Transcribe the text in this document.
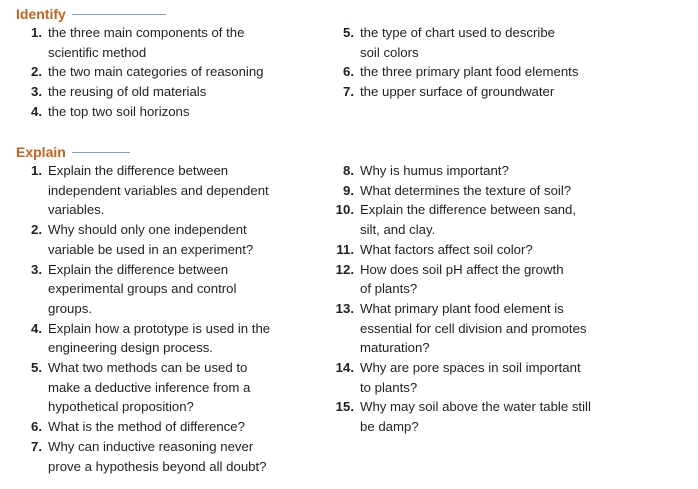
Identify
1. the three main components of the
scientific method
2. the two main categories of reasoning
3. the reusing of old materials
4. the top two soil horizons
5. the type of chart used to describe
soil colors
6. the three primary plant food elements
7. the upper surface of groundwater
Explain
1. Explain the difference between
independent variables and dependent
variables.
2. Why should only one independent
variable be used in an experiment?
3. Explain the difference between
experimental groups and control
groups.
4. Explain how a prototype is used in the
engineering design process.
5. What two methods can be used to
make a deductive inference from a
hypothetical proposition?
6. What is the method of difference?
7. Why can inductive reasoning never
prove a hypothesis beyond all doubt?
8. Why is humus important?
9. What determines the texture of soil?
10. Explain the difference between sand,
silt, and clay.
11. What factors affect soil color?
12. How does soil pH affect the growth
of plants?
13. What primary plant food element is
essential for cell division and promotes
maturation?
14. Why are pore spaces in soil important
to plants?
15. Why may soil above the water table still
be damp?
